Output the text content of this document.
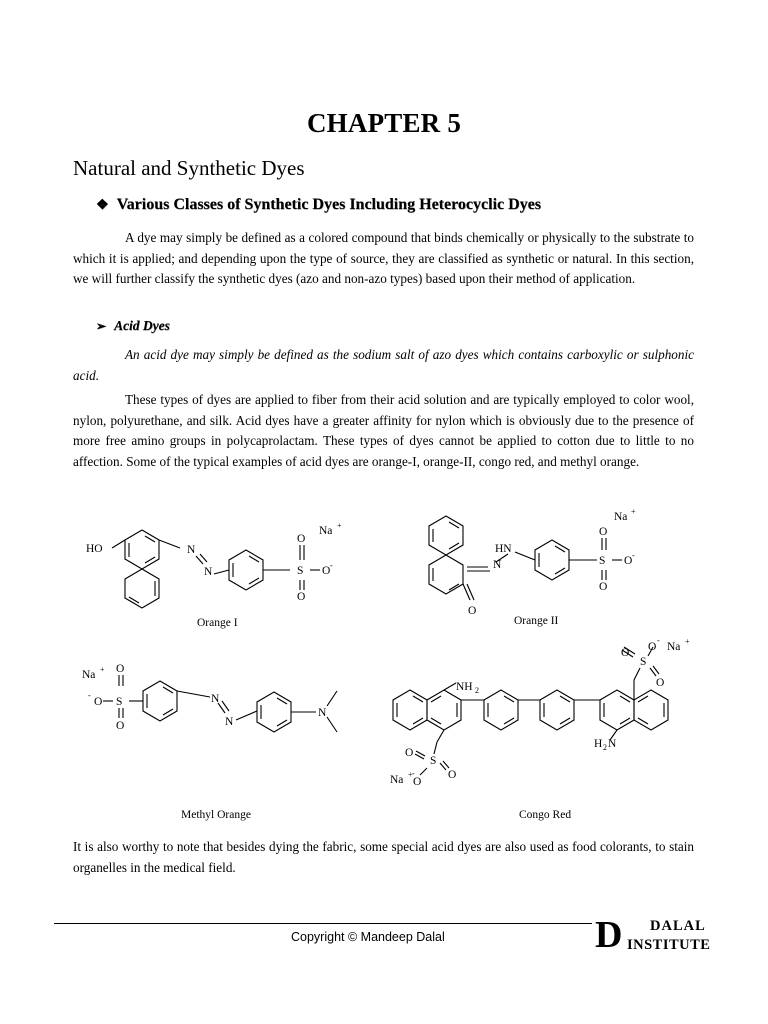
CHAPTER 5
Natural and Synthetic Dyes
❖ Various Classes of Synthetic Dyes Including Heterocyclic Dyes
A dye may simply be defined as a colored compound that binds chemically or physically to the substrate to which it is applied; and depending upon the type of source, they are classified as synthetic or natural. In this section, we will further classify the synthetic dyes (azo and non-azo types) based upon their method of application.
➢ Acid Dyes
An acid dye may simply be defined as the sodium salt of azo dyes which contains carboxylic or sulphonic acid.
These types of dyes are applied to fiber from their acid solution and are typically employed to color wool, nylon, polyurethane, and silk. Acid dyes have a greater affinity for nylon which is obviously due to the presence of more free amino groups in polycaprolactam. These types of dyes cannot be applied to cotton due to little to no affection. Some of the typical examples of acid dyes are orange-I, orange-II, congo red, and methyl orange.
HO	N
N	S
O
O
O -
Na +
Orange I
N
HN
O
S
O
O
O -
Na +
Orange II
Na + O
S
O
-
O	N
N
N
Methyl Orange
NH 2
H 2 N
S
O
O
O
-
Na +
S
O
O
O
-
Na +
Congo Red
It is also worthy to note that besides dying the fabric, some special acid dyes are also used as food colorants, to stain organelles in the medical field.
Copyright © Mandeep Dalal	D DALAL
INSTITUTE
